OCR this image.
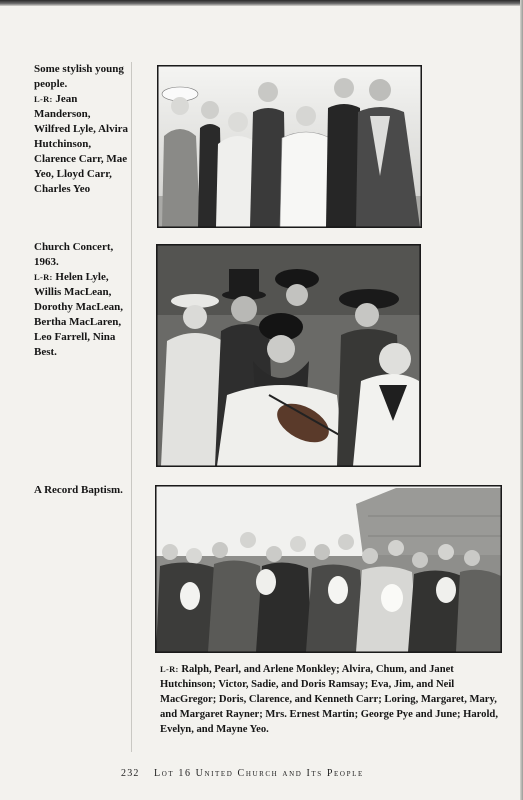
Some stylish young people.
L-R: Jean Manderson, Wilfred Lyle, Alvira Hutchinson, Clarence Carr, Mae Yeo, Lloyd Carr, Charles Yeo
Church Concert, 1963.
L-R: Helen Lyle, Willis MacLean, Dorothy MacLean, Bertha MacLaren, Leo Farrell, Nina Best.
A Record Baptism.
L-R: Ralph, Pearl, and Arlene Monkley; Alvira, Chum, and Janet Hutchinson; Victor, Sadie, and Doris Ramsay; Eva, Jim, and Neil MacGregor; Doris, Clarence, and Kenneth Carr; Loring, Margaret, Mary, and Margaret Rayner; Mrs. Ernest Martin; George Pye and June; Harold, Evelyn, and Mayne Yeo.
232 Lot 16 United Church and Its People
